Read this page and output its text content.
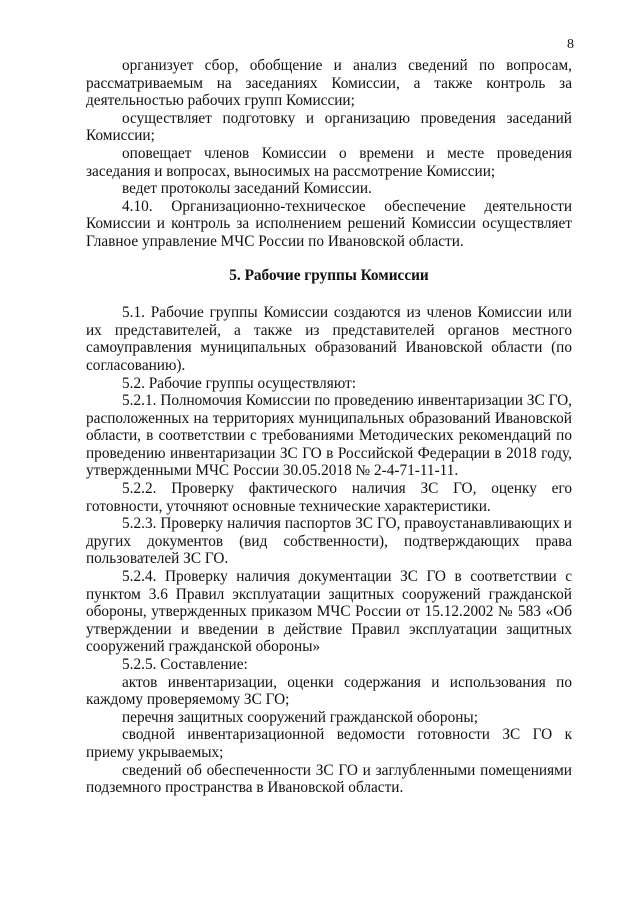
8

организует сбор, обобщение и анализ сведений по вопросам, рассматриваемым на заседаниях Комиссии, а также контроль за деятельностью рабочих групп Комиссии;

осуществляет подготовку и организацию проведения заседаний Комиссии;

оповещает членов Комиссии о времени и месте проведения заседания и вопросах, выносимых на рассмотрение Комиссии;

ведет протоколы заседаний Комиссии.

4.10. Организационно-техническое обеспечение деятельности Комиссии и контроль за исполнением решений Комиссии осуществляет Главное управление МЧС России по Ивановской области.

5. Рабочие группы Комиссии

5.1. Рабочие группы Комиссии создаются из членов Комиссии или их представителей, а также из представителей органов местного самоуправления муниципальных образований Ивановской области (по согласованию).

5.2. Рабочие группы осуществляют:

5.2.1. Полномочия Комиссии по проведению инвентаризации ЗС ГО, расположенных на территориях муниципальных образований Ивановской области, в соответствии с требованиями Методических рекомендаций по проведению инвентаризации ЗС ГО в Российской Федерации в 2018 году, утвержденными МЧС России 30.05.2018 № 2-4-71-11-11.

5.2.2. Проверку фактического наличия ЗС ГО, оценку его готовности, уточняют основные технические характеристики.

5.2.3. Проверку наличия паспортов ЗС ГО, правоустанавливающих и других документов (вид собственности), подтверждающих права пользователей ЗС ГО.

5.2.4. Проверку наличия документации ЗС ГО в соответствии с пунктом 3.6 Правил эксплуатации защитных сооружений гражданской обороны, утвержденных приказом МЧС России от 15.12.2002 № 583 «Об утверждении и введении в действие Правил эксплуатации защитных сооружений гражданской обороны»

5.2.5. Составление:

актов инвентаризации, оценки содержания и использования по каждому проверяемому ЗС ГО;

перечня защитных сооружений гражданской обороны;

сводной инвентаризационной ведомости готовности ЗС ГО к приему укрываемых;

сведений об обеспеченности ЗС ГО и заглубленными помещениями подземного пространства в Ивановской области.
